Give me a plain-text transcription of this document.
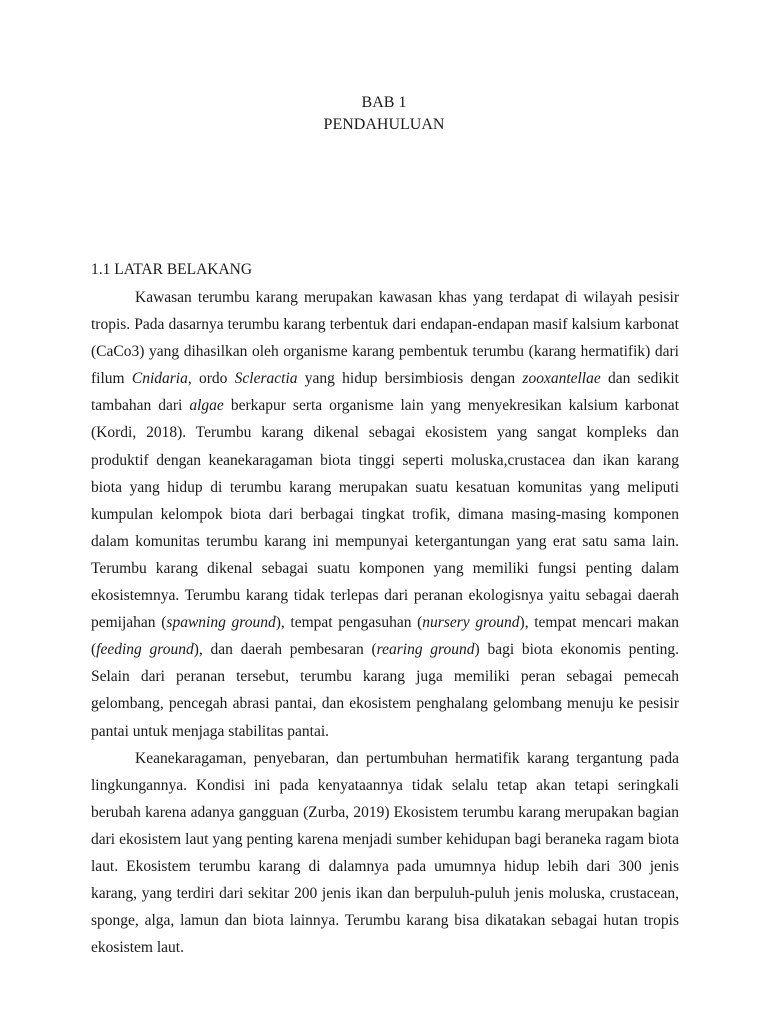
BAB 1
PENDAHULUAN
1.1 LATAR BELAKANG

Kawasan terumbu karang merupakan kawasan khas yang terdapat di wilayah pesisir tropis. Pada dasarnya terumbu karang terbentuk dari endapan-endapan masif kalsium karbonat (CaCo3) yang dihasilkan oleh organisme karang pembentuk terumbu (karang hermatifik) dari filum Cnidaria, ordo Scleractia yang hidup bersimbiosis dengan zooxantellae dan sedikit tambahan dari algae berkapur serta organisme lain yang menyekresikan kalsium karbonat (Kordi, 2018). Terumbu karang dikenal sebagai ekosistem yang sangat kompleks dan produktif dengan keanekaragaman biota tinggi seperti moluska,crustacea dan ikan karang biota yang hidup di terumbu karang merupakan suatu kesatuan komunitas yang meliputi kumpulan kelompok biota dari berbagai tingkat trofik, dimana masing-masing komponen dalam komunitas terumbu karang ini mempunyai ketergantungan yang erat satu sama lain. Terumbu karang dikenal sebagai suatu komponen yang memiliki fungsi penting dalam ekosistemnya. Terumbu karang tidak terlepas dari peranan ekologisnya yaitu sebagai daerah pemijahan (spawning ground), tempat pengasuhan (nursery ground), tempat mencari makan (feeding ground), dan daerah pembesaran (rearing ground) bagi biota ekonomis penting. Selain dari peranan tersebut, terumbu karang juga memiliki peran sebagai pemecah gelombang, pencegah abrasi pantai, dan ekosistem penghalang gelombang menuju ke pesisir pantai untuk menjaga stabilitas pantai.

Keanekaragaman, penyebaran, dan pertumbuhan hermatifik karang tergantung pada lingkungannya. Kondisi ini pada kenyataannya tidak selalu tetap akan tetapi seringkali berubah karena adanya gangguan (Zurba, 2019) Ekosistem terumbu karang merupakan bagian dari ekosistem laut yang penting karena menjadi sumber kehidupan bagi beraneka ragam biota laut. Ekosistem terumbu karang di dalamnya pada umumnya hidup lebih dari 300 jenis karang, yang terdiri dari sekitar 200 jenis ikan dan berpuluh-puluh jenis moluska, crustacean, sponge, alga, lamun dan biota lainnya. Terumbu karang bisa dikatakan sebagai hutan tropis ekosistem laut.
